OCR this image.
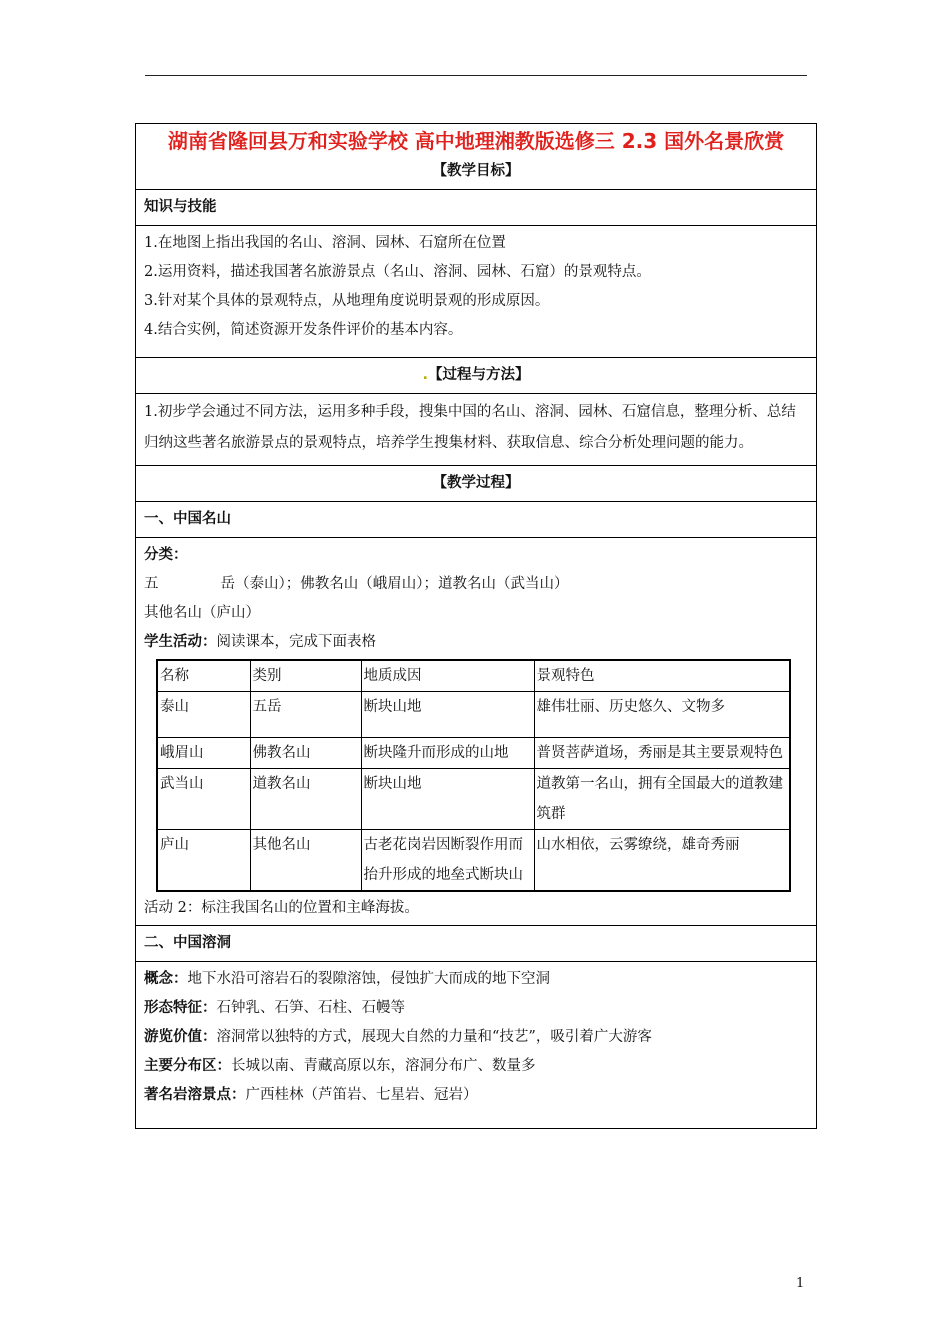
湖南省隆回县万和实验学校 高中地理湘教版选修三 2.3 国外名景欣赏
【教学目标】

知识与技能

1.在地图上指出我国的名山、溶洞、园林、石窟所在位置
2.运用资料，描述我国著名旅游景点（名山、溶洞、园林、石窟）的景观特点。
3.针对某个具体的景观特点，从地理角度说明景观的形成原因。
4.结合实例，简述资源开发条件评价的基本内容。

.【过程与方法】

1.初步学会通过不同方法，运用多种手段，搜集中国的名山、溶洞、园林、石窟信息，整理分析、总结归纳这些著名旅游景点的景观特点，培养学生搜集材料、获取信息、综合分析处理问题的能力。

【教学过程】

一、中国名山

分类：
五	岳（泰山）；佛教名山（峨眉山）；道教名山（武当山）
其他名山（庐山）
学生活动：阅读课本，完成下面表格
名称	类别	地质成因	景观特色
泰山	五岳	断块山地	雄伟壮丽、历史悠久、文物多
峨眉山	佛教名山	断块隆升而形成的山地	普贤菩萨道场，秀丽是其主要景观特色
武当山	道教名山	断块山地	道教第一名山，拥有全国最大的道教建筑群
庐山	其他名山	古老花岗岩因断裂作用而抬升形成的地垒式断块山	山水相依，云雾缭绕，雄奇秀丽
活动 2：标注我国名山的位置和主峰海拔。

二、中国溶洞

概念：地下水沿可溶岩石的裂隙溶蚀，侵蚀扩大而成的地下空洞
形态特征：石钟乳、石笋、石柱、石幔等
游览价值：溶洞常以独特的方式，展现大自然的力量和“技艺”，吸引着广大游客
主要分布区：长城以南、青藏高原以东，溶洞分布广、数量多
著名岩溶景点：广西桂林（芦笛岩、七星岩、冠岩）
1
